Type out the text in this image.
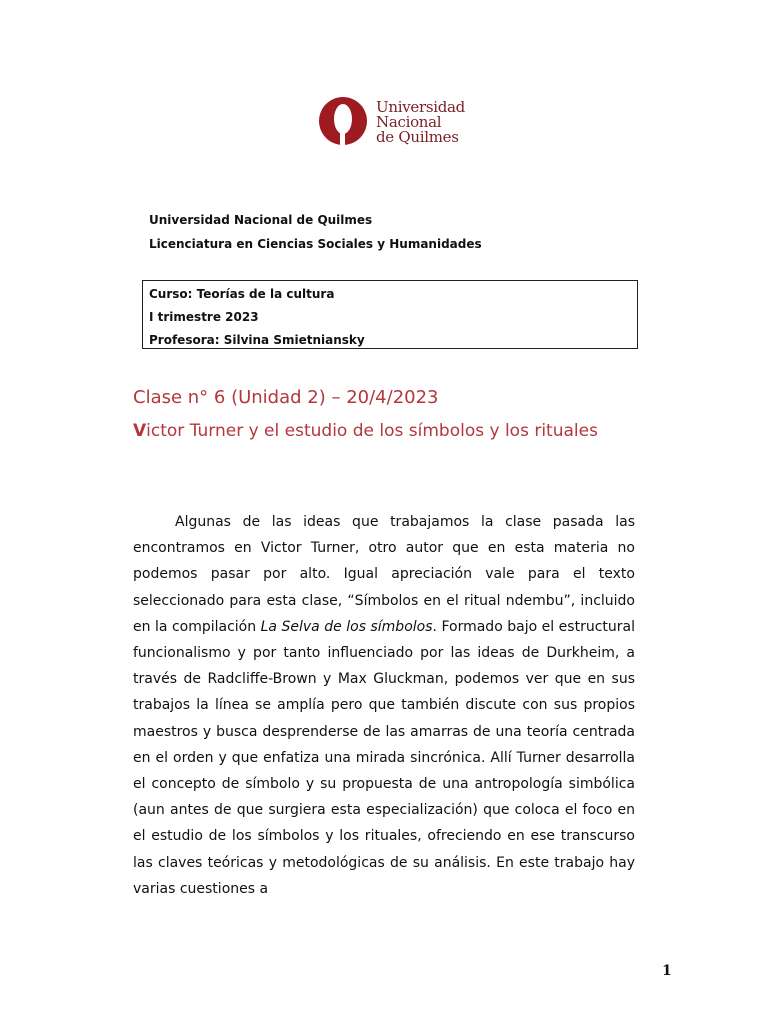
Universidad
Nacional
de Quilmes
Universidad Nacional de Quilmes
Licenciatura en Ciencias Sociales y Humanidades
Curso: Teorías de la cultura
I trimestre 2023
Profesora: Silvina Smietniansky
Clase n° 6 (Unidad 2) – 20/4/2023
Victor Turner y el estudio de los símbolos y los rituales

Algunas de las ideas que trabajamos la clase pasada las encontramos en Victor Turner, otro autor que en esta materia no podemos pasar por alto. Igual apreciación vale para el texto seleccionado para esta clase, “Símbolos en el ritual ndembu”, incluido en la compilación La Selva de los símbolos. Formado bajo el estructural funcionalismo y por tanto influenciado por las ideas de Durkheim, a través de Radcliffe-Brown y Max Gluckman, podemos ver que en sus trabajos la línea se amplía pero que también discute con sus propios maestros y busca desprenderse de las amarras de una teoría centrada en el orden y que enfatiza una mirada sincrónica. Allí Turner desarrolla el concepto de símbolo y su propuesta de una antropología simbólica (aun antes de que surgiera esta especialización) que coloca el foco en el estudio de los símbolos y los rituales, ofreciendo en ese transcurso las claves teóricas y metodológicas de su análisis. En este trabajo hay varias cuestiones a

1
